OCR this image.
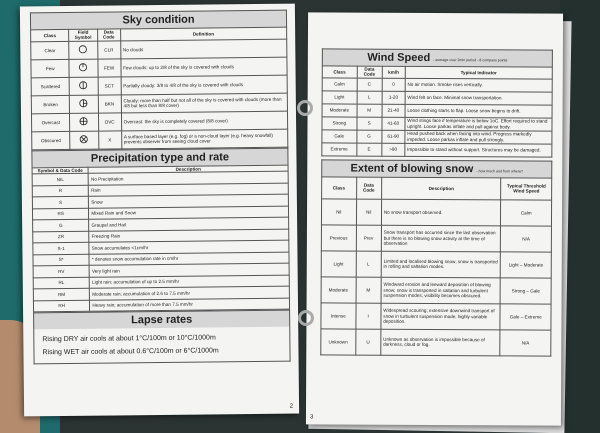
Sky condition
Class	Field Symbol	Data Code	Definition
Clear		CLR	No clouds
Few		FEW	Few clouds: up to 2/8 of the sky is covered with clouds
Scattered		SCT	Partially cloudy: 3/8 to 4/8 of the sky is covered with clouds
Broken		BKN	Cloudy: more than half but not all of the sky is covered with clouds (more than 4/8 but less than 8/8 cover)
Overcast		OVC	Overcast: the sky is completely covered (8/8 cover)
Obscured		X	A surface based layer (e.g. fog) or a non-cloud layer (e.g. heavy snowfall) prevents observer from seeing cloud cover
Precipitation type and rate
Symbol & Data Code	Description
NIL	No Precipitation
R	Rain
S	Snow
RS	Mixed Rain and Snow
G	Graupel and Hail
ZR	Freezing Rain
S-1	Snow accumulates <1cm/hr
S*	* denotes snow accumulation rate in cm/hr
RV	Very light rain
RL	Light rain; accumulation of up to 2.5 mm/hr
RM	Moderate rain; accumulation of 2.6 to 7.5 mm/hr
RH	Heavy rain; accumulation of more than 7.5 mm/hr
Lapse rates
Rising DRY air cools at about 1°C/100m or 10°C/1000m
Rising WET air cools at about 0.6°C/100m or 6°C/1000m
2
Wind Speed - average over 2min period - 8 compass points
Class	Data Code	km/h	Typical Indicator
Calm	C	0	No air motion. Smoke rises vertically.
Light	L	1-20	Wind felt on face. Minimal snow transportation.
Moderate	M	21-40	Loose clothing starts to flap. Loose snow begins to drift.
Strong	S	41-60	Wind stings face if temperature is below 1oC. Effort required to stand upright. Loose parkas inflate and pull against body.
Gale	G	61-90	Head pushed back when facing into wind. Progress markedly impeded. Loose parkas inflate and pull strongly.
Extreme	E	>90	Impossible to stand without support. Structures may be damaged.
Extent of blowing snow - how much and from where?
Class	Data Code	Description	Typical Threshold Wind Speed
Nil	Nil	No snow transport observed.	Calm
Previous	Prev	Snow transport has occurred since the last observation but there is no blowing snow activity at the time of observation	N/A
Light	L	Limited and localised blowing snow; snow is transported in rolling and saltation modes.	Light – Moderate
Moderate	M	Windward erosion and leeward deposition of blowing snow; snow is transported in saltation and turbulent suspension modes; visibility becomes obscured.	Strong – Gale
Intense	I	Widespread scouring; extensive downwind transport of snow in turbulent suspension mode; highly variable deposition.	Gale – Extreme
Unknown	U	Unknown as observation is impossible because of darkness, cloud or fog.	N/A
3
